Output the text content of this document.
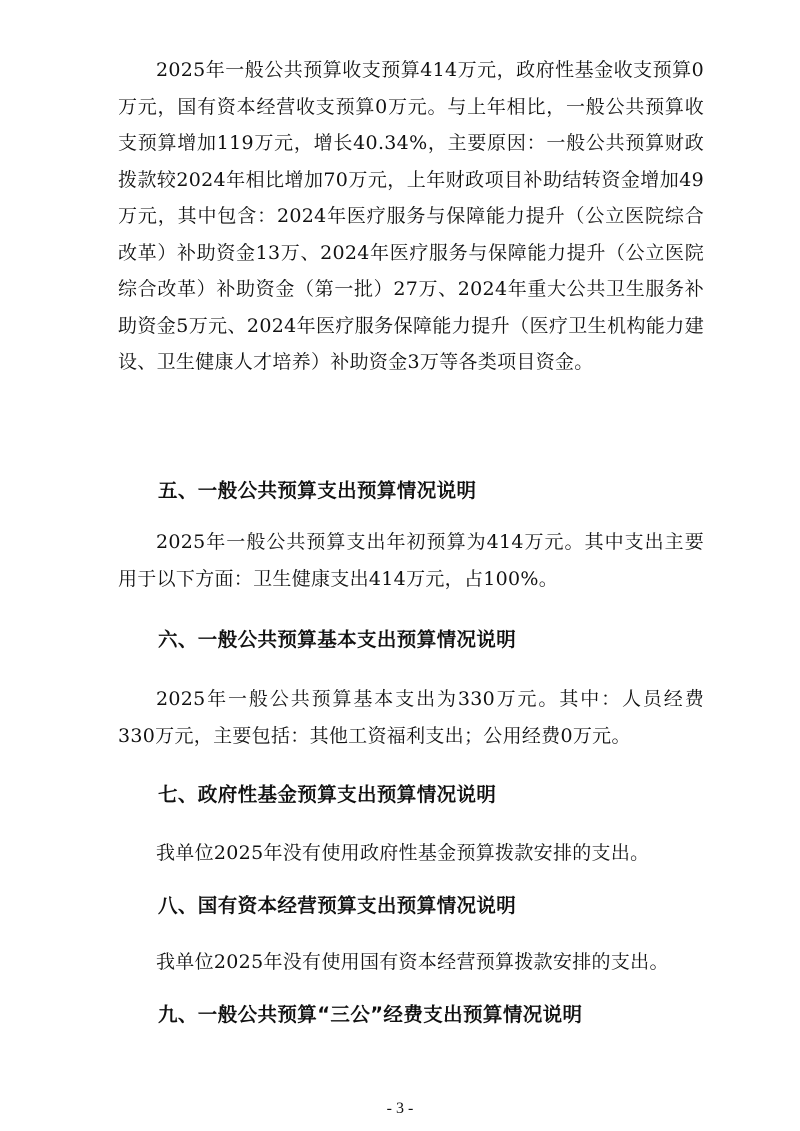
2025年一般公共预算收支预算414万元，政府性基金收支预算0万元，国有资本经营收支预算0万元。与上年相比，一般公共预算收支预算增加119万元，增长40.34%，主要原因：一般公共预算财政拨款较2024年相比增加70万元，上年财政项目补助结转资金增加49万元，其中包含：2024年医疗服务与保障能力提升（公立医院综合改革）补助资金13万、2024年医疗服务与保障能力提升（公立医院综合改革）补助资金（第一批）27万、2024年重大公共卫生服务补助资金5万元、2024年医疗服务保障能力提升（医疗卫生机构能力建设、卫生健康人才培养）补助资金3万等各类项目资金。

五、一般公共预算支出预算情况说明

2025年一般公共预算支出年初预算为414万元。其中支出主要用于以下方面：卫生健康支出414万元，占100%。

六、一般公共预算基本支出预算情况说明

2025年一般公共预算基本支出为330万元。其中：人员经费330万元，主要包括：其他工资福利支出；公用经费0万元。

七、政府性基金预算支出预算情况说明

我单位2025年没有使用政府性基金预算拨款安排的支出。

八、国有资本经营预算支出预算情况说明

我单位2025年没有使用国有资本经营预算拨款安排的支出。

九、一般公共预算“三公”经费支出预算情况说明

- 3 -
